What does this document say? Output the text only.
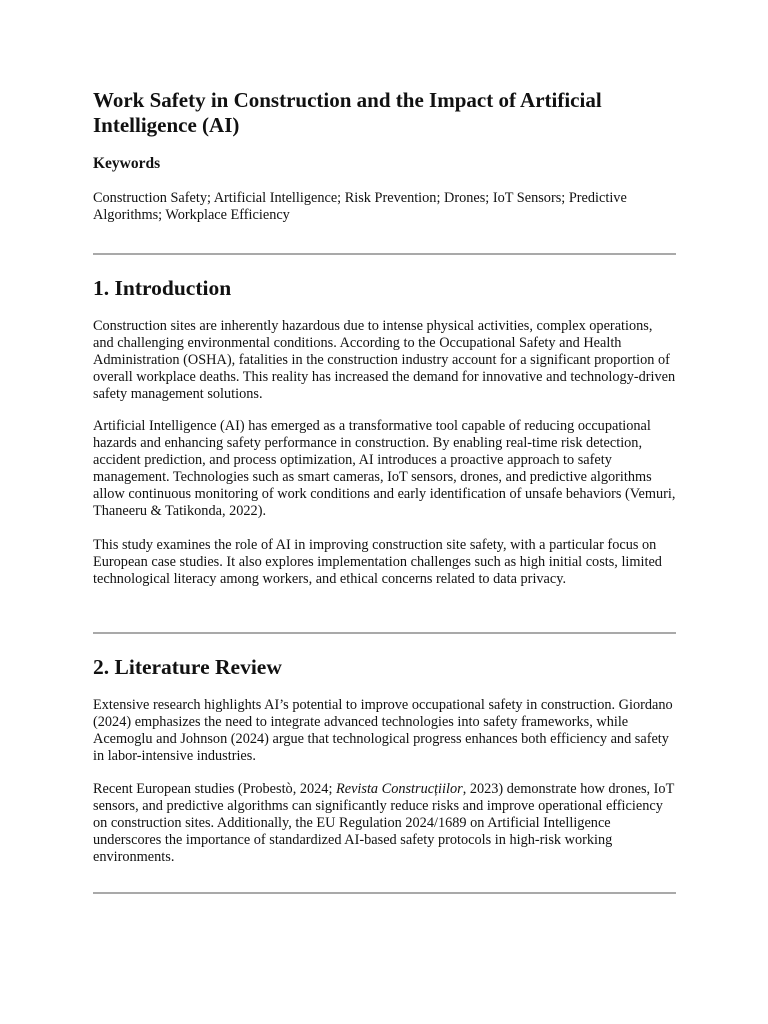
Work Safety in Construction and the Impact of Artificial Intelligence (AI)
Keywords

Construction Safety; Artificial Intelligence; Risk Prevention; Drones; IoT Sensors; Predictive Algorithms; Workplace Efficiency

1. Introduction

Construction sites are inherently hazardous due to intense physical activities, complex operations, and challenging environmental conditions. According to the Occupational Safety and Health Administration (OSHA), fatalities in the construction industry account for a significant proportion of overall workplace deaths. This reality has increased the demand for innovative and technology-driven safety management solutions.

Artificial Intelligence (AI) has emerged as a transformative tool capable of reducing occupational hazards and enhancing safety performance in construction. By enabling real-time risk detection, accident prediction, and process optimization, AI introduces a proactive approach to safety management. Technologies such as smart cameras, IoT sensors, drones, and predictive algorithms allow continuous monitoring of work conditions and early identification of unsafe behaviors (Vemuri, Thaneeru & Tatikonda, 2022).

This study examines the role of AI in improving construction site safety, with a particular focus on European case studies. It also explores implementation challenges such as high initial costs, limited technological literacy among workers, and ethical concerns related to data privacy.

2. Literature Review

Extensive research highlights AI’s potential to improve occupational safety in construction. Giordano (2024) emphasizes the need to integrate advanced technologies into safety frameworks, while Acemoglu and Johnson (2024) argue that technological progress enhances both efficiency and safety in labor-intensive industries.

Recent European studies (Probestò, 2024; Revista Construcțiilor, 2023) demonstrate how drones, IoT sensors, and predictive algorithms can significantly reduce risks and improve operational efficiency on construction sites. Additionally, the EU Regulation 2024/1689 on Artificial Intelligence underscores the importance of standardized AI-based safety protocols in high-risk working environments.
